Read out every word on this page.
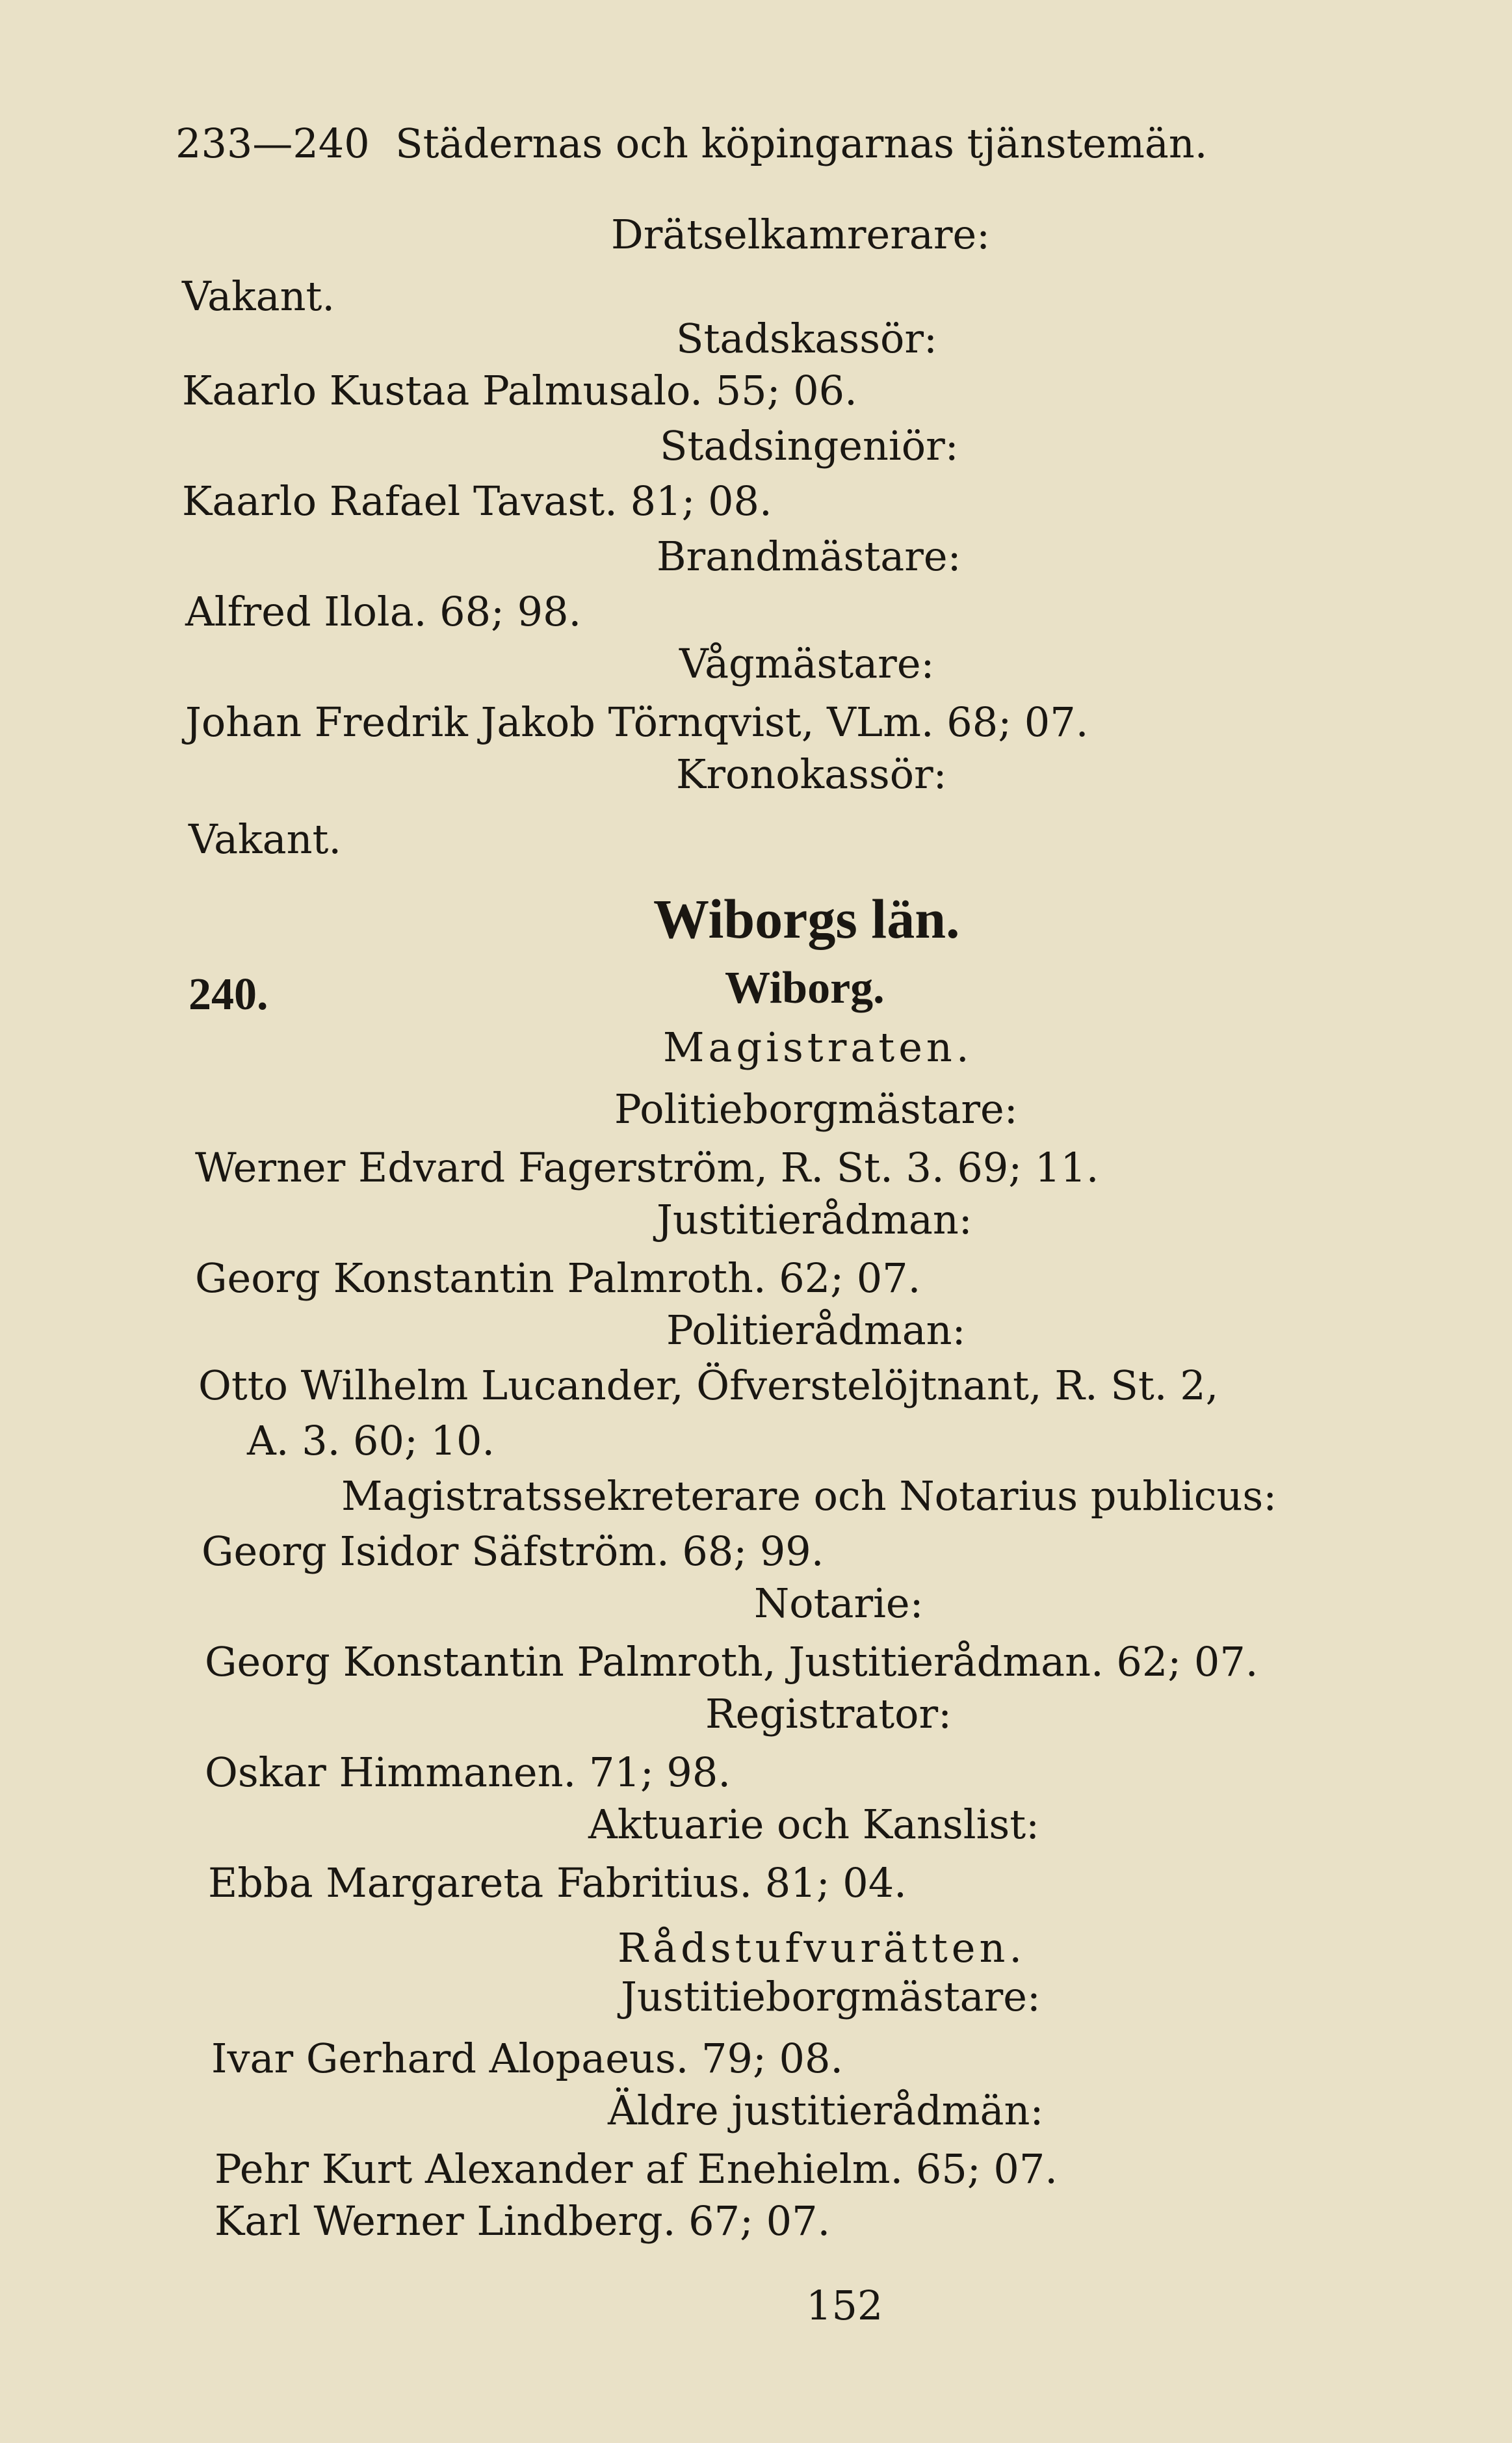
233—240 Städernas och köpingarnas tjänstemän.
Drätselkamrerare:
Vakant.
Stadskassör:
Kaarlo Kustaa Palmusalo. 55; 06.
Stadsingeniör:
Kaarlo Rafael Tavast. 81; 08.
Brandmästare:
Alfred Ilola. 68; 98.
Vågmästare:
Johan Fredrik Jakob Törnqvist, VLm. 68; 07.
Kronokassör:
Vakant.
Wiborgs län.
240.	Wiborg.
Magistraten.
Politieborgmästare:
Werner Edvard Fagerström, R. St. 3. 69; 11.
Justitierådman:
Georg Konstantin Palmroth. 62; 07.
Politierådman:
Otto Wilhelm Lucander, Öfverstelöjtnant, R. St. 2,
A. 3. 60; 10.
Magistratssekreterare och Notarius publicus:
Georg Isidor Säfström. 68; 99.
Notarie:
Georg Konstantin Palmroth, Justitierådman. 62; 07.
Registrator:
Oskar Himmanen. 71; 98.
Aktuarie och Kanslist:
Ebba Margareta Fabritius. 81; 04.
Rådstufvurätten.
Justitieborgmästare:
Ivar Gerhard Alopaeus. 79; 08.
Äldre justitierådmän:
Pehr Kurt Alexander af Enehielm. 65; 07.
Karl Werner Lindberg. 67; 07.
152
